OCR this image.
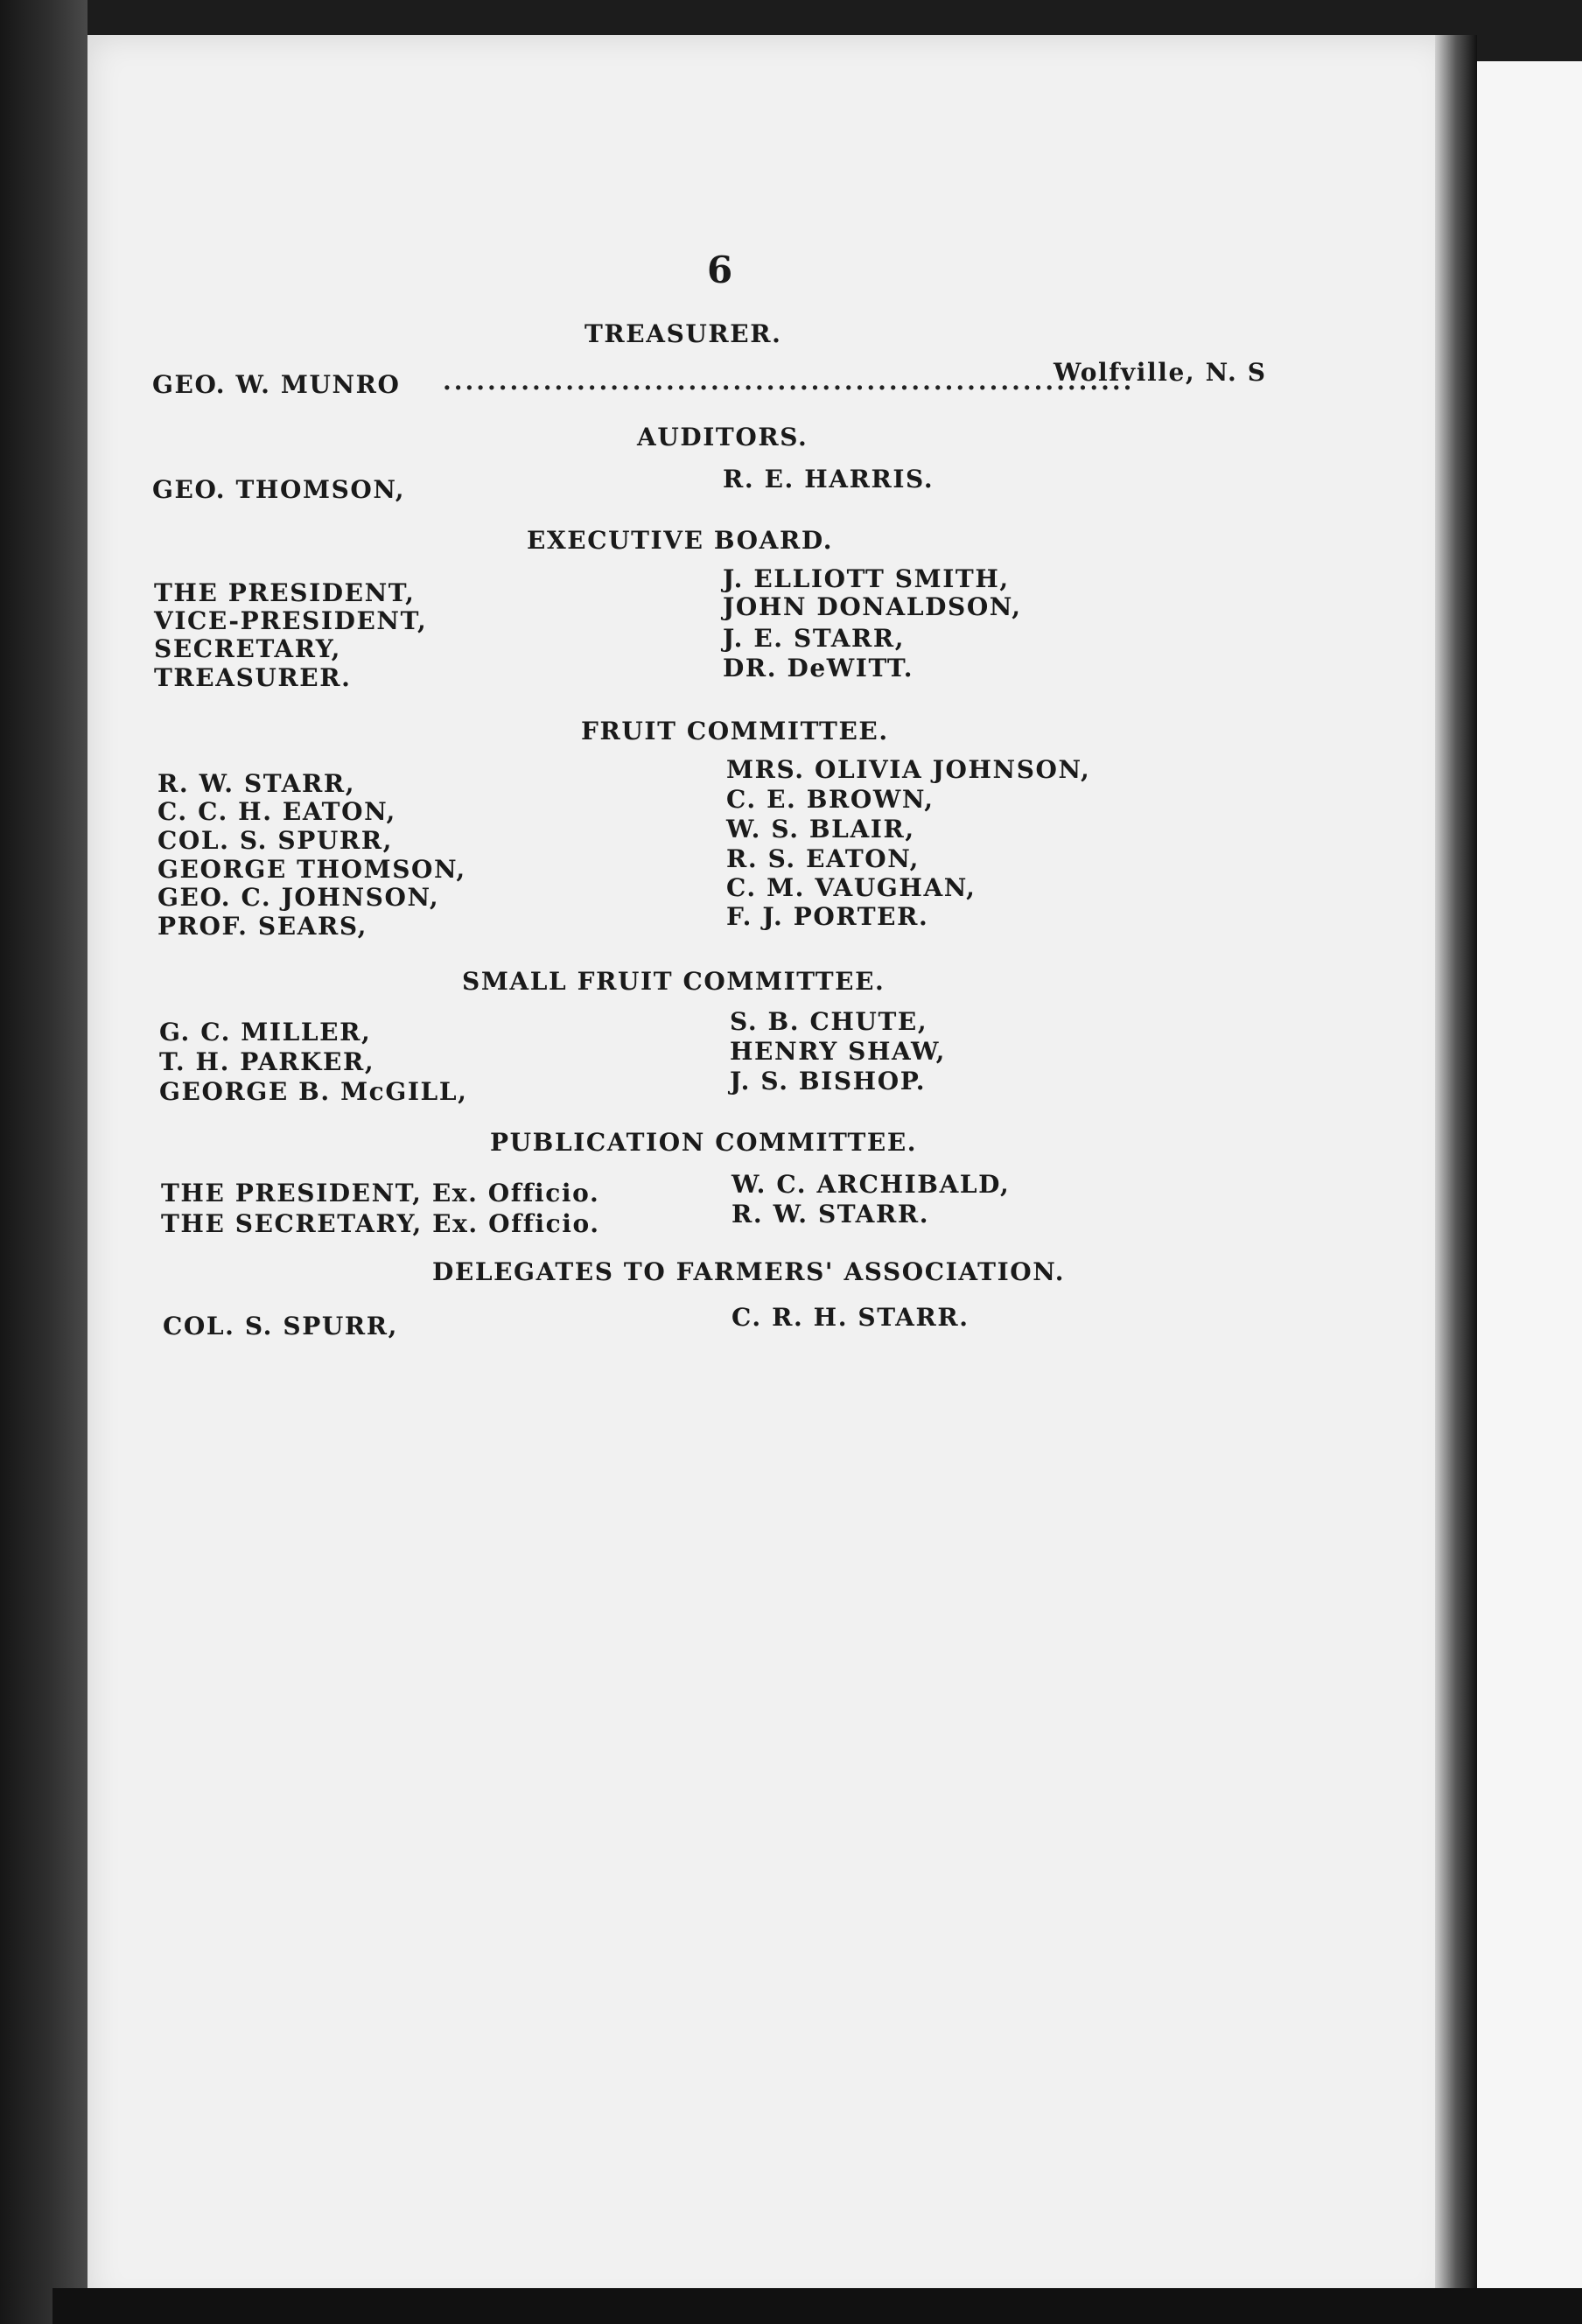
6
TREASURER.
GEO. W. MUNRO ..............................................................
Wolfville, N. S
AUDITORS.
GEO. THOMSON,	R. E. HARRIS.
EXECUTIVE BOARD.
THE PRESIDENT,
VICE-PRESIDENT,
SECRETARY,
TREASURER.
J. ELLIOTT SMITH,
JOHN DONALDSON,
J. E. STARR,
DR. DeWITT.
FRUIT COMMITTEE.
R. W. STARR,
C. C. H. EATON,
COL. S. SPURR,
GEORGE THOMSON,
GEO. C. JOHNSON,
PROF. SEARS,
MRS. OLIVIA JOHNSON,
C. E. BROWN,
W. S. BLAIR,
R. S. EATON,
C. M. VAUGHAN,
F. J. PORTER.
SMALL FRUIT COMMITTEE.
G. C. MILLER,
T. H. PARKER,
GEORGE B. McGILL,
S. B. CHUTE,
HENRY SHAW,
J. S. BISHOP.
PUBLICATION COMMITTEE.
THE PRESIDENT, Ex. Officio.
THE SECRETARY, Ex. Officio.
W. C. ARCHIBALD,
R. W. STARR.
DELEGATES TO FARMERS' ASSOCIATION.
COL. S. SPURR,	C. R. H. STARR.
